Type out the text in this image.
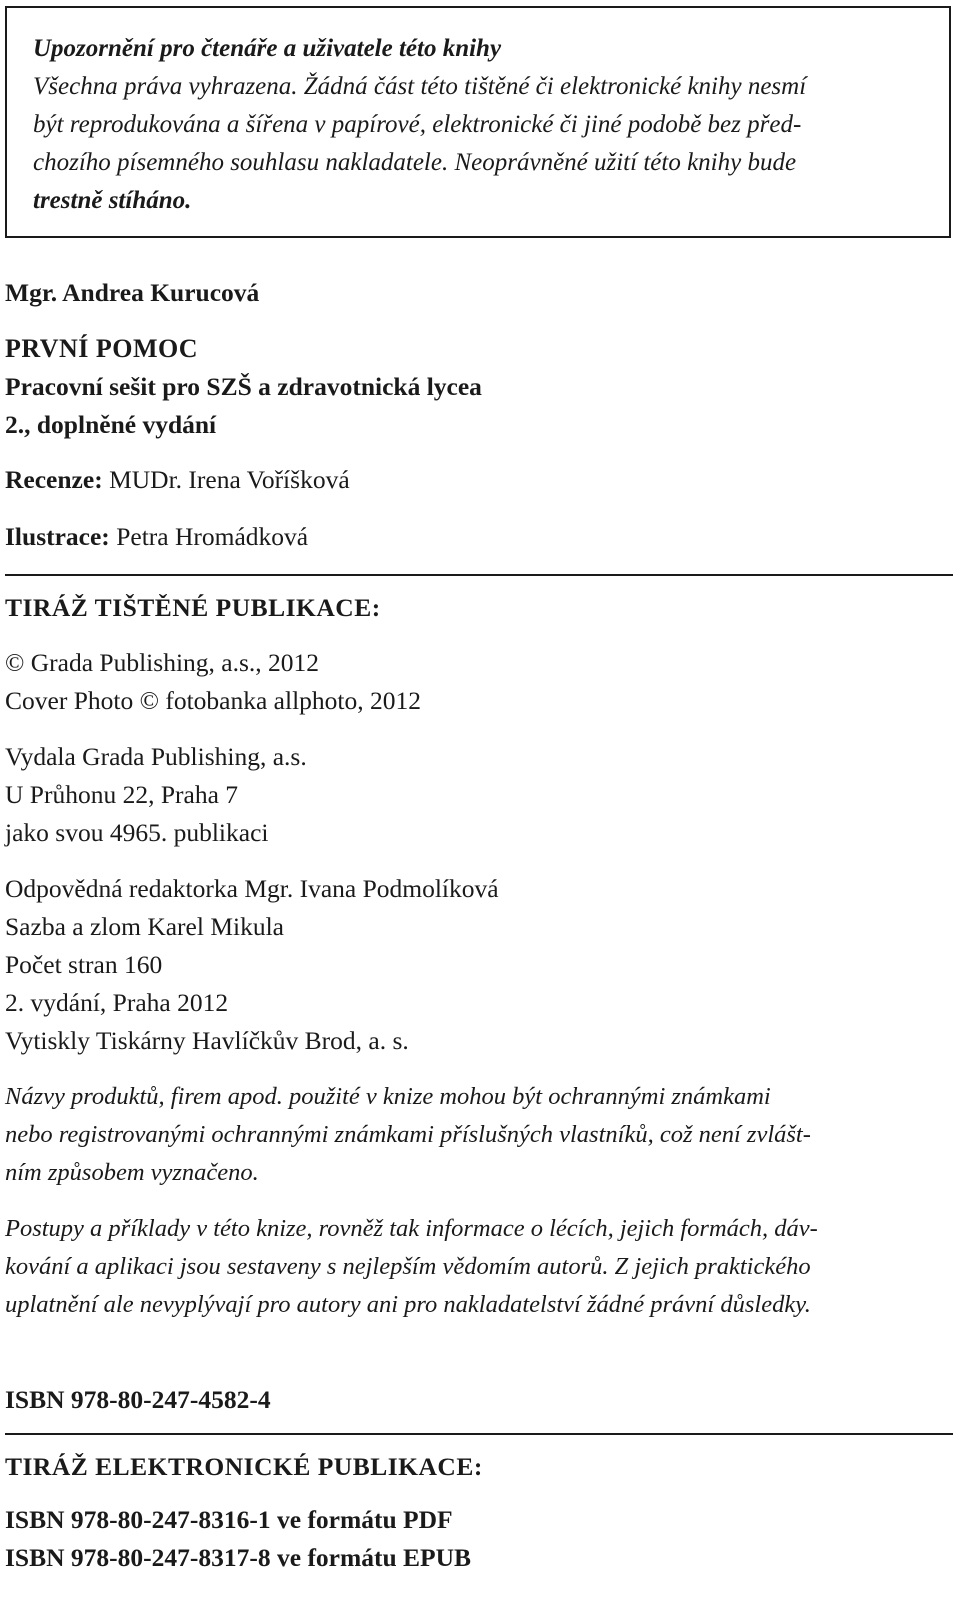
Upozornění pro čtenáře a uživatele této knihy
Všechna práva vyhrazena. Žádná část této tištěné či elektronické knihy nesmí
být reprodukována a šířena v papírové, elektronické či jiné podobě bez před-
chozího písemného souhlasu nakladatele. Neoprávněné užití této knihy bude
trestně stíháno.
Mgr. Andrea Kurucová
PRVNÍ POMOC
Pracovní sešit pro SZŠ a zdravotnická lycea
2., doplněné vydání
Recenze: MUDr. Irena Voříšková
Ilustrace: Petra Hromádková
TIRÁŽ TIŠTĚNÉ PUBLIKACE:
© Grada Publishing, a.s., 2012
Cover Photo © fotobanka allphoto, 2012
Vydala Grada Publishing, a.s.
U Průhonu 22, Praha 7
jako svou 4965. publikaci
Odpovědná redaktorka Mgr. Ivana Podmolíková
Sazba a zlom Karel Mikula
Počet stran 160
2. vydání, Praha 2012
Vytiskly Tiskárny Havlíčkův Brod, a. s.
Názvy produktů, firem apod. použité v knize mohou být ochrannými známkami
nebo registrovanými ochrannými známkami příslušných vlastníků, což není zvlášt-
ním způsobem vyznačeno.
Postupy a příklady v této knize, rovněž tak informace o lécích, jejich formách, dáv-
kování a aplikaci jsou sestaveny s nejlepším vědomím autorů. Z jejich praktického
uplatnění ale nevyplývají pro autory ani pro nakladatelství žádné právní důsledky.
ISBN 978-80-247-4582-4
TIRÁŽ ELEKTRONICKÉ PUBLIKACE:
ISBN 978-80-247-8316-1 ve formátu PDF
ISBN 978-80-247-8317-8 ve formátu EPUB
